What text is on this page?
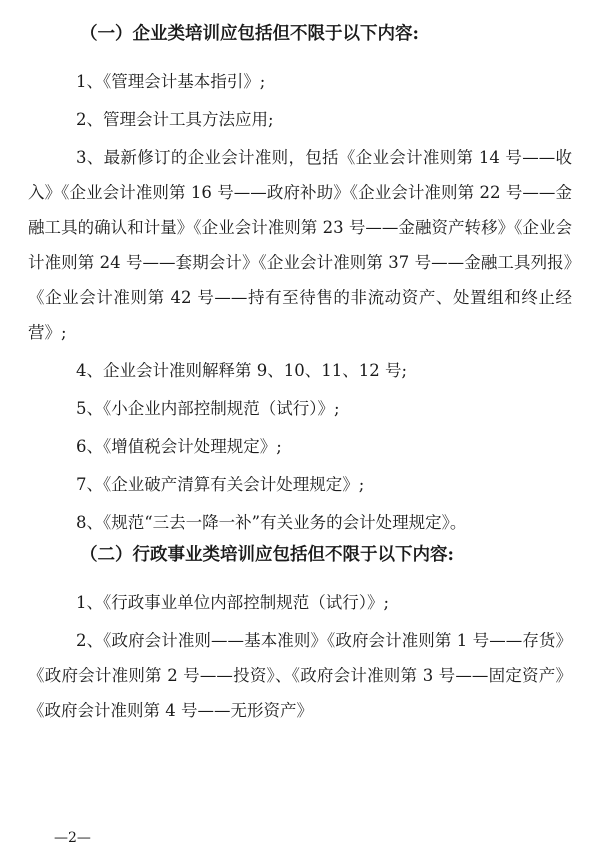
（一）企业类培训应包括但不限于以下内容:

1、《管理会计基本指引》;

2、管理会计工具方法应用;

3、最新修订的企业会计准则，包括《企业会计准则第 14 号——收入》《企业会计准则第 16 号——政府补助》《企业会计准则第 22 号——金融工具的确认和计量》《企业会计准则第 23 号——金融资产转移》《企业会计准则第 24 号——套期会计》《企业会计准则第 37 号——金融工具列报》《企业会计准则第 42 号——持有至待售的非流动资产、处置组和终止经营》;

4、企业会计准则解释第 9、10、11、12 号;

5、《小企业内部控制规范（试行）》;

6、《增值税会计处理规定》;

7、《企业破产清算有关会计处理规定》;

8、《规范“三去一降一补”有关业务的会计处理规定》。

（二）行政事业类培训应包括但不限于以下内容:

1、《行政事业单位内部控制规范（试行）》;

2、《政府会计准则——基本准则》《政府会计准则第 1 号——存货》《政府会计准则第 2 号——投资》、《政府会计准则第 3 号——固定资产》《政府会计准则第 4 号——无形资产》

—2—
